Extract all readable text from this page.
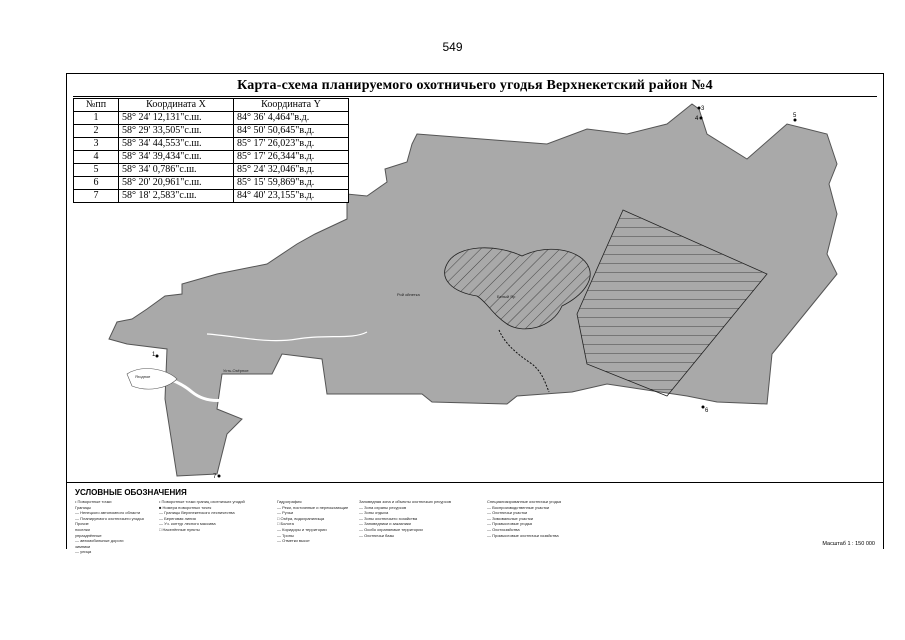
549
1
3
4	5
6
7
Ягодное
Белый Яр
Усть-Озёрное
Рой ойнетка
Карта-схема планируемого охотничьего угодья Верхнекетский район №4
№пп	Координата X	Координата Y
1	58° 24' 12,131"с.ш.	84° 36' 4,464"в.д.
2	58° 29' 33,505"с.ш.	84° 50' 50,645"в.д.
3	58° 34' 44,553"с.ш.	85° 17' 26,023"в.д.
4	58° 34' 39,434"с.ш.	85° 17' 26,344"в.д.
5	58° 34' 0,786"с.ш.	85° 24' 32,046"в.д.
6	58° 20' 20,961"с.ш.	85° 15' 59,869"в.д.
7	58° 18' 2,583"с.ш.	84° 40' 23,155"в.д.
УСЛОВНЫЕ ОБОЗНАЧЕНИЯ
• Поворотные точки
Границы
— Ненецкого автономного области
— Планируемого охотничьего угодья
Прочие
поселки
упразднённые
— автомобильные дороги
зимники
— улица
• Поворотные точки границ охотничьих угодий
■ Номера поворотных точек
— Границы Верхнекетского лесничества
— Береговая линия
— Уч. контур лесного массива
□ Населённые пункты
Гидрография
— Реки, постоянные и пересыхающие
— Ручьи
□ Озёра, водохранилища
□ Болота
— Коридоры и территории
— Тропы
— Отметки высот
Заповедная зона и объекты охотничьих ресурсов
— Зона охраны ресурсов
— Зоны отдыха
— Зоны охотничьего хозяйства
— Заповедники и заказники
— Особо охраняемые территории
— Охотничьи базы
Специализированные охотничьи угодья
— Воспроизводственные участки
— Охотничьи участки
— Зимовальные участки
— Промысловые угодья
— Охотхозяйства
— Промысловые охотничьи хозяйства
Масштаб 1 : 150 000
